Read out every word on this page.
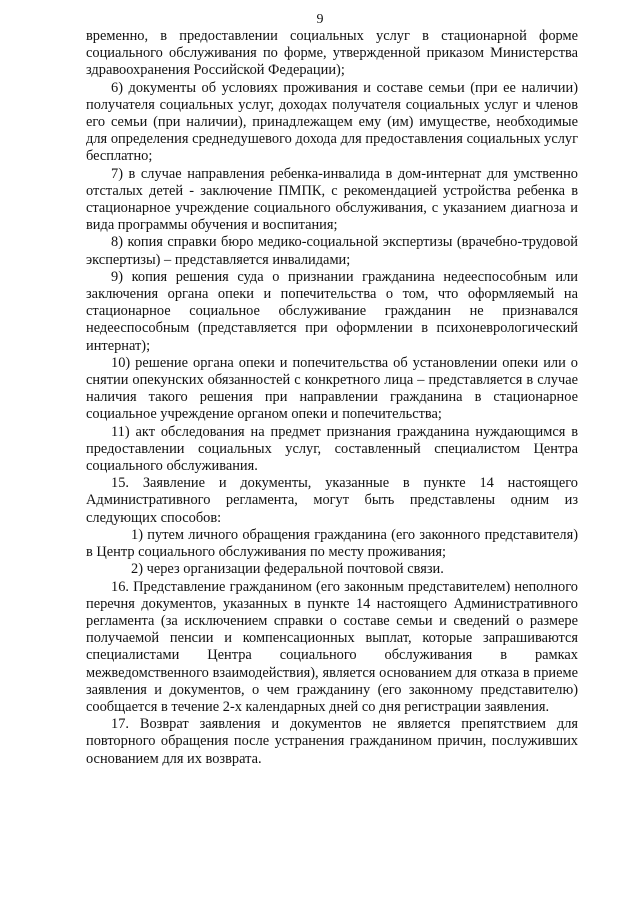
9

временно, в предоставлении социальных услуг в стационарной форме социального обслуживания по форме, утвержденной приказом Министерства здравоохранения Российской Федерации);

6) документы об условиях проживания и составе семьи (при ее наличии) получателя социальных услуг, доходах получателя социальных услуг и членов его семьи (при наличии), принадлежащем ему (им) имуществе, необходимые для определения среднедушевого дохода для предоставления социальных услуг бесплатно;

7) в случае направления ребенка-инвалида в дом-интернат для умственно отсталых детей - заключение ПМПК, с рекомендацией устройства ребенка в стационарное учреждение социального обслуживания, с указанием диагноза и вида программы обучения и воспитания;

8) копия справки бюро медико-социальной экспертизы (врачебно-трудовой экспертизы) – представляется инвалидами;

9) копия решения суда о признании гражданина недееспособным или заключения органа опеки и попечительства о том, что оформляемый на стационарное социальное обслуживание гражданин не признавался недееспособным (представляется при оформлении в психоневрологический интернат);

10) решение органа опеки и попечительства об установлении опеки или о снятии опекунских обязанностей с конкретного лица – представляется в случае наличия такого решения при направлении гражданина в стационарное социальное учреждение органом опеки и попечительства;

11) акт обследования на предмет признания гражданина нуждающимся в предоставлении социальных услуг, составленный специалистом Центра социального обслуживания.

15. Заявление и документы, указанные в пункте 14 настоящего Административного регламента, могут быть представлены одним из следующих способов:

1) путем личного обращения гражданина (его законного представителя) в Центр социального обслуживания по месту проживания;

2) через организации федеральной почтовой связи.

16. Представление гражданином (его законным представителем) неполного перечня документов, указанных в пункте 14 настоящего Административного регламента (за исключением справки о составе семьи и сведений о размере получаемой пенсии и компенсационных выплат, которые запрашиваются специалистами Центра социального обслуживания в рамках межведомственного взаимодействия), является основанием для отказа в приеме заявления и документов, о чем гражданину (его законному представителю) сообщается в течение 2-х календарных дней со дня регистрации заявления.

17. Возврат заявления и документов не является препятствием для повторного обращения после устранения гражданином причин, послуживших основанием для их возврата.
